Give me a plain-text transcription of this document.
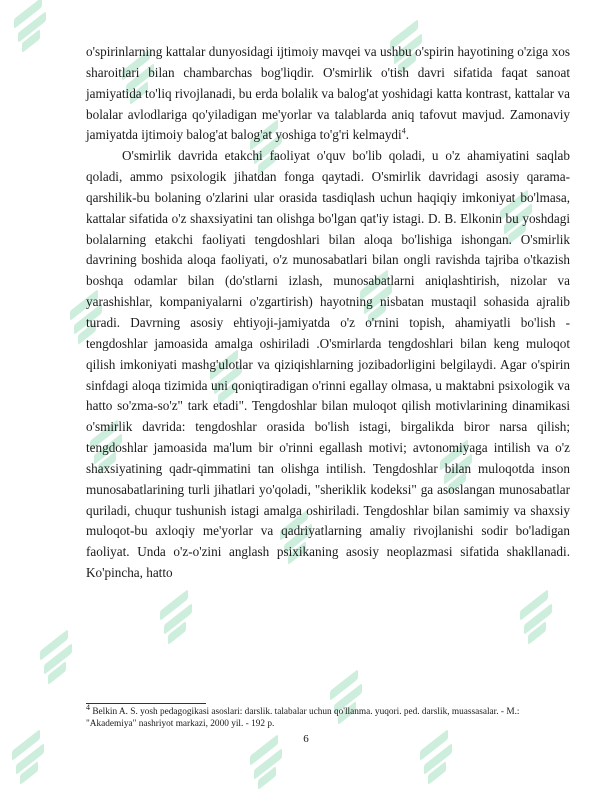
o'spirinlarning kattalar dunyosidagi ijtimoiy mavqei va ushbu o'spirin hayotining o'ziga xos sharoitlari bilan chambarchas bog'liqdir. O'smirlik o'tish davri sifatida faqat sanoat jamiyatida to'liq rivojlanadi, bu erda bolalik va balog'at yoshidagi katta kontrast, kattalar va bolalar avlodlariga qo'yiladigan me'yorlar va talablarda aniq tafovut mavjud. Zamonaviy jamiyatda ijtimoiy balog'at balog'at yoshiga to'g'ri kelmaydi$^4$.

O'smirlik davrida etakchi faoliyat o'quv bo'lib qoladi, u o'z ahamiyatini saqlab qoladi, ammo psixologik jihatdan fonga qaytadi. O'smirlik davridagi asosiy qarama-qarshilik-bu bolaning o'zlarini ular orasida tasdiqlash uchun haqiqiy imkoniyat bo'lmasa, kattalar sifatida o'z shaxsiyatini tan olishga bo'lgan qat'iy istagi. D. B. Elkonin bu yoshdagi bolalarning etakchi faoliyati tengdoshlari bilan aloqa bo'lishiga ishongan. O'smirlik davrining boshida aloqa faoliyati, o'z munosabatlari bilan ongli ravishda tajriba o'tkazish boshqa odamlar bilan (do'stlarni izlash, munosabatlarni aniqlashtirish, nizolar va yarashishlar, kompaniyalarni o'zgartirish) hayotning nisbatan mustaqil sohasida ajralib turadi. Davrning asosiy ehtiyoji-jamiyatda o'z o'rnini topish, ahamiyatli bo'lish - tengdoshlar jamoasida amalga oshiriladi .O'smirlarda tengdoshlari bilan keng muloqot qilish imkoniyati mashg'ulotlar va qiziqishlarning jozibadorligini belgilaydi. Agar o'spirin sinfdagi aloqa tizimida uni qoniqtiradigan o'rinni egallay olmasa, u maktabni psixologik va hatto so'zma-so'z" tark etadi". Tengdoshlar bilan muloqot qilish motivlarining dinamikasi o'smirlik davrida: tengdoshlar orasida bo'lish istagi, birgalikda biror narsa qilish; tengdoshlar jamoasida ma'lum bir o'rinni egallash motivi; avtonomiyaga intilish va o'z shaxsiyatining qadr-qimmatini tan olishga intilish. Tengdoshlar bilan muloqotda inson munosabatlarining turli jihatlari yo'qoladi, "sheriklik kodeksi" ga asoslangan munosabatlar quriladi, chuqur tushunish istagi amalga oshiriladi. Tengdoshlar bilan samimiy va shaxsiy muloqot-bu axloqiy me'yorlar va qadriyatlarning amaliy rivojlanishi sodir bo'ladigan faoliyat. Unda o'z-o'zini anglash psixikaning asosiy neoplazmasi sifatida shakllanadi. Ko'pincha, hatto

$^4$ Belkin A. S. yosh pedagogikasi asoslari: darslik. talabalar uchun qo'llanma. yuqori. ped. darslik, muassasalar. - M.: "Akademiya" nashriyot markazi, 2000 yil. - 192 p.
6
